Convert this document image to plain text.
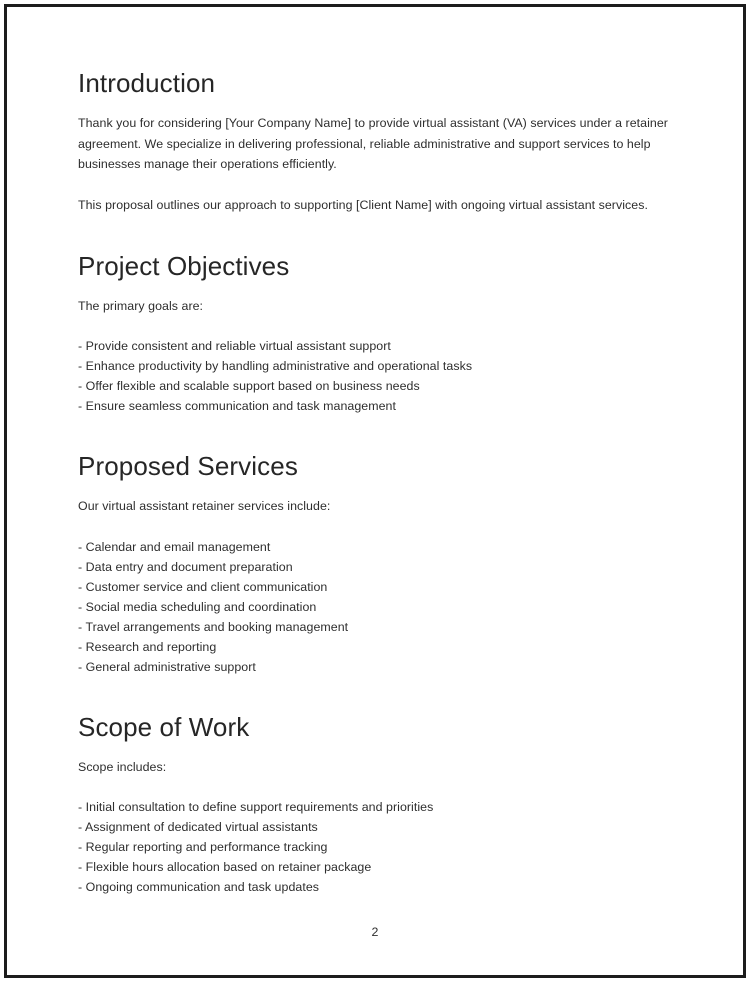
Introduction

Thank you for considering [Your Company Name] to provide virtual assistant (VA) services under a retainer agreement. We specialize in delivering professional, reliable administrative and support services to help businesses manage their operations efficiently.

This proposal outlines our approach to supporting [Client Name] with ongoing virtual assistant services.

Project Objectives

The primary goals are:

- Provide consistent and reliable virtual assistant support
- Enhance productivity by handling administrative and operational tasks
- Offer flexible and scalable support based on business needs
- Ensure seamless communication and task management
Proposed Services

Our virtual assistant retainer services include:

- Calendar and email management
- Data entry and document preparation
- Customer service and client communication
- Social media scheduling and coordination
- Travel arrangements and booking management
- Research and reporting
- General administrative support
Scope of Work

Scope includes:

- Initial consultation to define support requirements and priorities
- Assignment of dedicated virtual assistants
- Regular reporting and performance tracking
- Flexible hours allocation based on retainer package
- Ongoing communication and task updates
2
